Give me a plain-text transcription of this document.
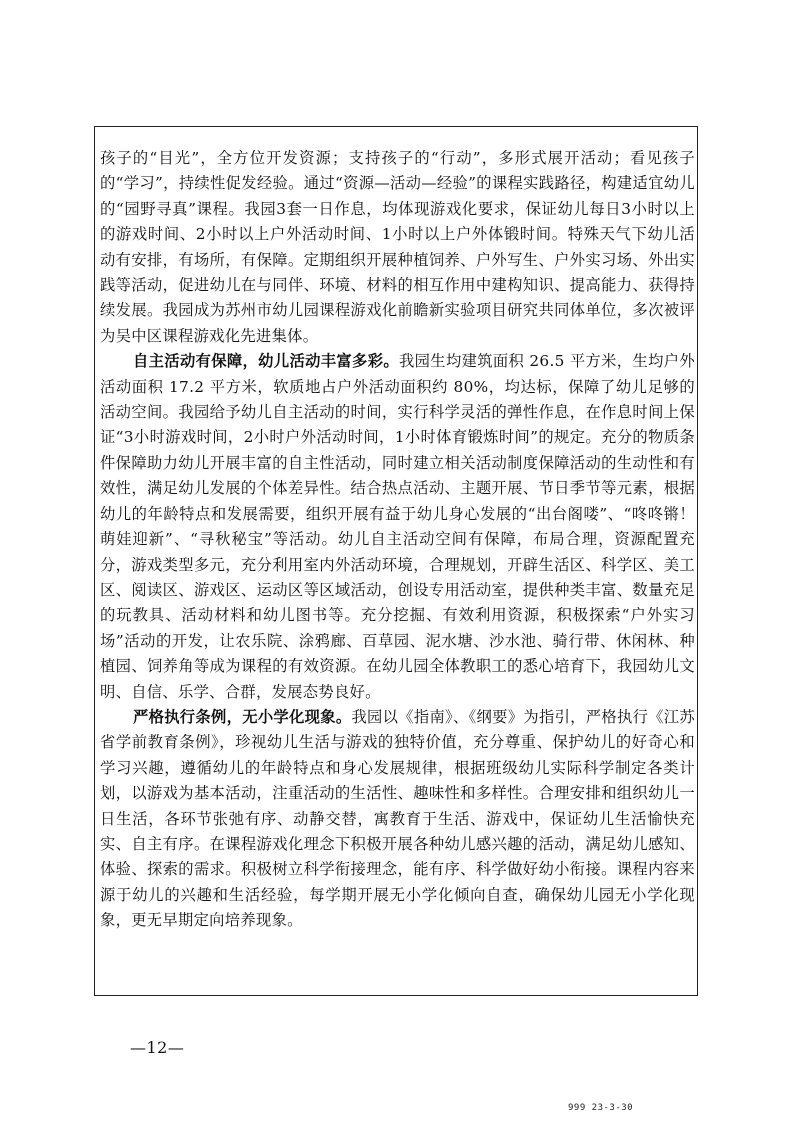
孩子的“目光”，全方位开发资源；支持孩子的“行动”，多形式展开活动；看见孩子的“学习”，持续性促发经验。通过“资源—活动—经验”的课程实践路径，构建适宜幼儿的“园野寻真”课程。我园3套一日作息，均体现游戏化要求，保证幼儿每日3小时以上的游戏时间、2小时以上户外活动时间、1小时以上户外体锻时间。特殊天气下幼儿活动有安排，有场所，有保障。定期组织开展种植饲养、户外写生、户外实习场、外出实践等活动，促进幼儿在与同伴、环境、材料的相互作用中建构知识、提高能力、获得持续发展。我园成为苏州市幼儿园课程游戏化前瞻新实验项目研究共同体单位，多次被评为吴中区课程游戏化先进集体。

自主活动有保障，幼儿活动丰富多彩。我园生均建筑面积 26.5 平方米，生均户外活动面积 17.2 平方米，软质地占户外活动面积约 80%，均达标，保障了幼儿足够的活动空间。我园给予幼儿自主活动的时间，实行科学灵活的弹性作息，在作息时间上保证“3小时游戏时间，2小时户外活动时间，1小时体育锻炼时间”的规定。充分的物质条件保障助力幼儿开展丰富的自主性活动，同时建立相关活动制度保障活动的生动性和有效性，满足幼儿发展的个体差异性。结合热点活动、主题开展、节日季节等元素，根据幼儿的年龄特点和发展需要，组织开展有益于幼儿身心发展的“出台阁喽”、“咚咚锵！萌娃迎新”、“寻秋秘宝”等活动。幼儿自主活动空间有保障，布局合理，资源配置充分，游戏类型多元，充分利用室内外活动环境，合理规划，开辟生活区、科学区、美工区、阅读区、游戏区、运动区等区域活动，创设专用活动室，提供种类丰富、数量充足的玩教具、活动材料和幼儿图书等。充分挖掘、有效利用资源，积极探索“户外实习场”活动的开发，让农乐院、涂鸦廊、百草园、泥水塘、沙水池、骑行带、休闲林、种植园、饲养角等成为课程的有效资源。在幼儿园全体教职工的悉心培育下，我园幼儿文明、自信、乐学、合群，发展态势良好。

严格执行条例，无小学化现象。我园以《指南》、《纲要》为指引，严格执行《江苏省学前教育条例》，珍视幼儿生活与游戏的独特价值，充分尊重、保护幼儿的好奇心和学习兴趣，遵循幼儿的年龄特点和身心发展规律，根据班级幼儿实际科学制定各类计划，以游戏为基本活动，注重活动的生活性、趣味性和多样性。合理安排和组织幼儿一日生活，各环节张弛有序、动静交替，寓教育于生活、游戏中，保证幼儿生活愉快充实、自主有序。在课程游戏化理念下积极开展各种幼儿感兴趣的活动，满足幼儿感知、体验、探索的需求。积极树立科学衔接理念，能有序、科学做好幼小衔接。课程内容来源于幼儿的兴趣和生活经验，每学期开展无小学化倾向自查，确保幼儿园无小学化现象，更无早期定向培养现象。

—12—
999 23-3-30
